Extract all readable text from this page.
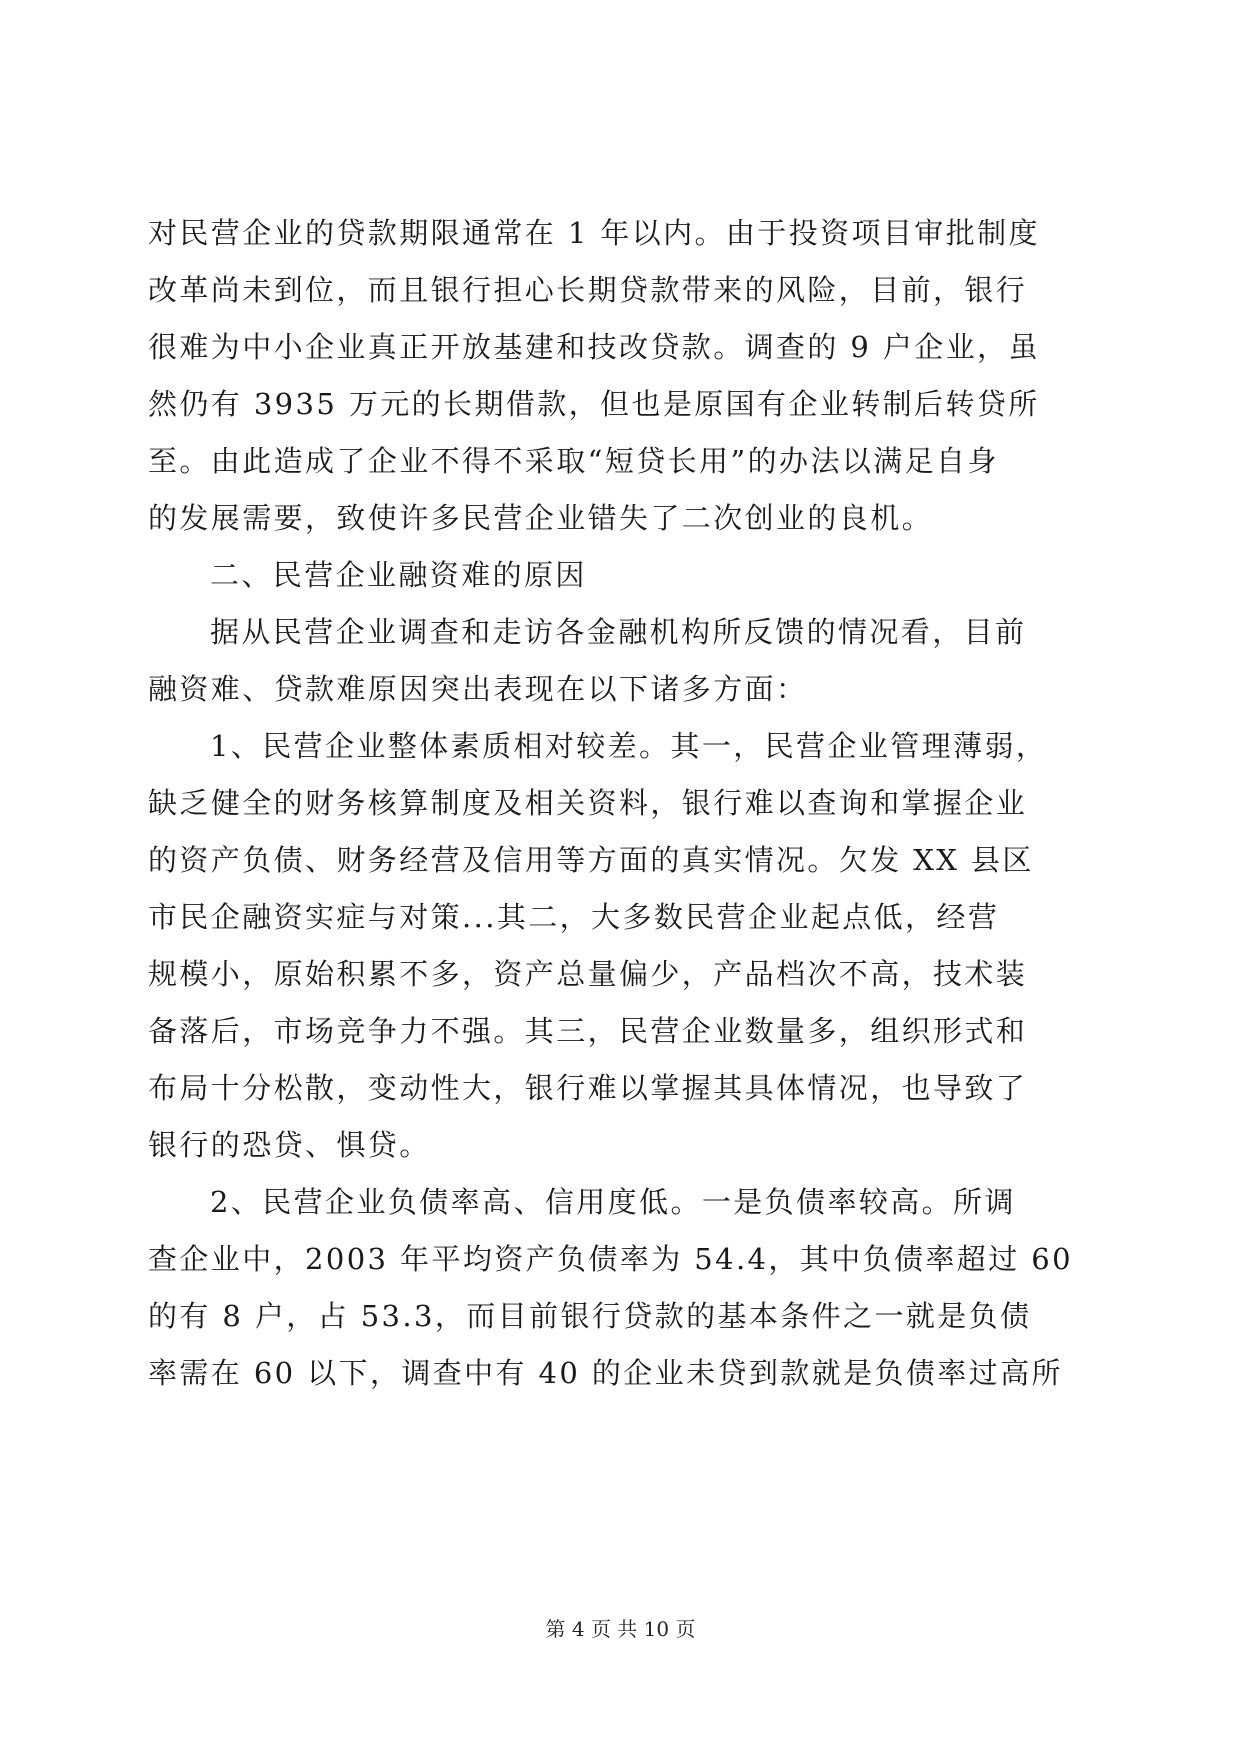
对民营企业的贷款期限通常在 1 年以内。由于投资项目审批制度
改革尚未到位，而且银行担心长期贷款带来的风险，目前，银行
很难为中小企业真正开放基建和技改贷款。调查的 9 户企业，虽
然仍有 3935 万元的长期借款，但也是原国有企业转制后转贷所
至。由此造成了企业不得不采取“短贷长用”的办法以满足自身
的发展需要，致使许多民营企业错失了二次创业的良机。
二、民营企业融资难的原因
据从民营企业调查和走访各金融机构所反馈的情况看，目前
融资难、贷款难原因突出表现在以下诸多方面：
1、民营企业整体素质相对较差。其一，民营企业管理薄弱，
缺乏健全的财务核算制度及相关资料，银行难以查询和掌握企业
的资产负债、财务经营及信用等方面的真实情况。欠发 XX 县区
市民企融资实症与对策...其二，大多数民营企业起点低，经营
规模小，原始积累不多，资产总量偏少，产品档次不高，技术装
备落后，市场竞争力不强。其三，民营企业数量多，组织形式和
布局十分松散，变动性大，银行难以掌握其具体情况，也导致了
银行的恐贷、惧贷。
2、民营企业负债率高、信用度低。一是负债率较高。所调
查企业中，2003 年平均资产负债率为 54.4，其中负债率超过 60
的有 8 户，占 53.3，而目前银行贷款的基本条件之一就是负债
率需在 60 以下，调查中有 40 的企业未贷到款就是负债率过高所
第 4 页 共 10 页
